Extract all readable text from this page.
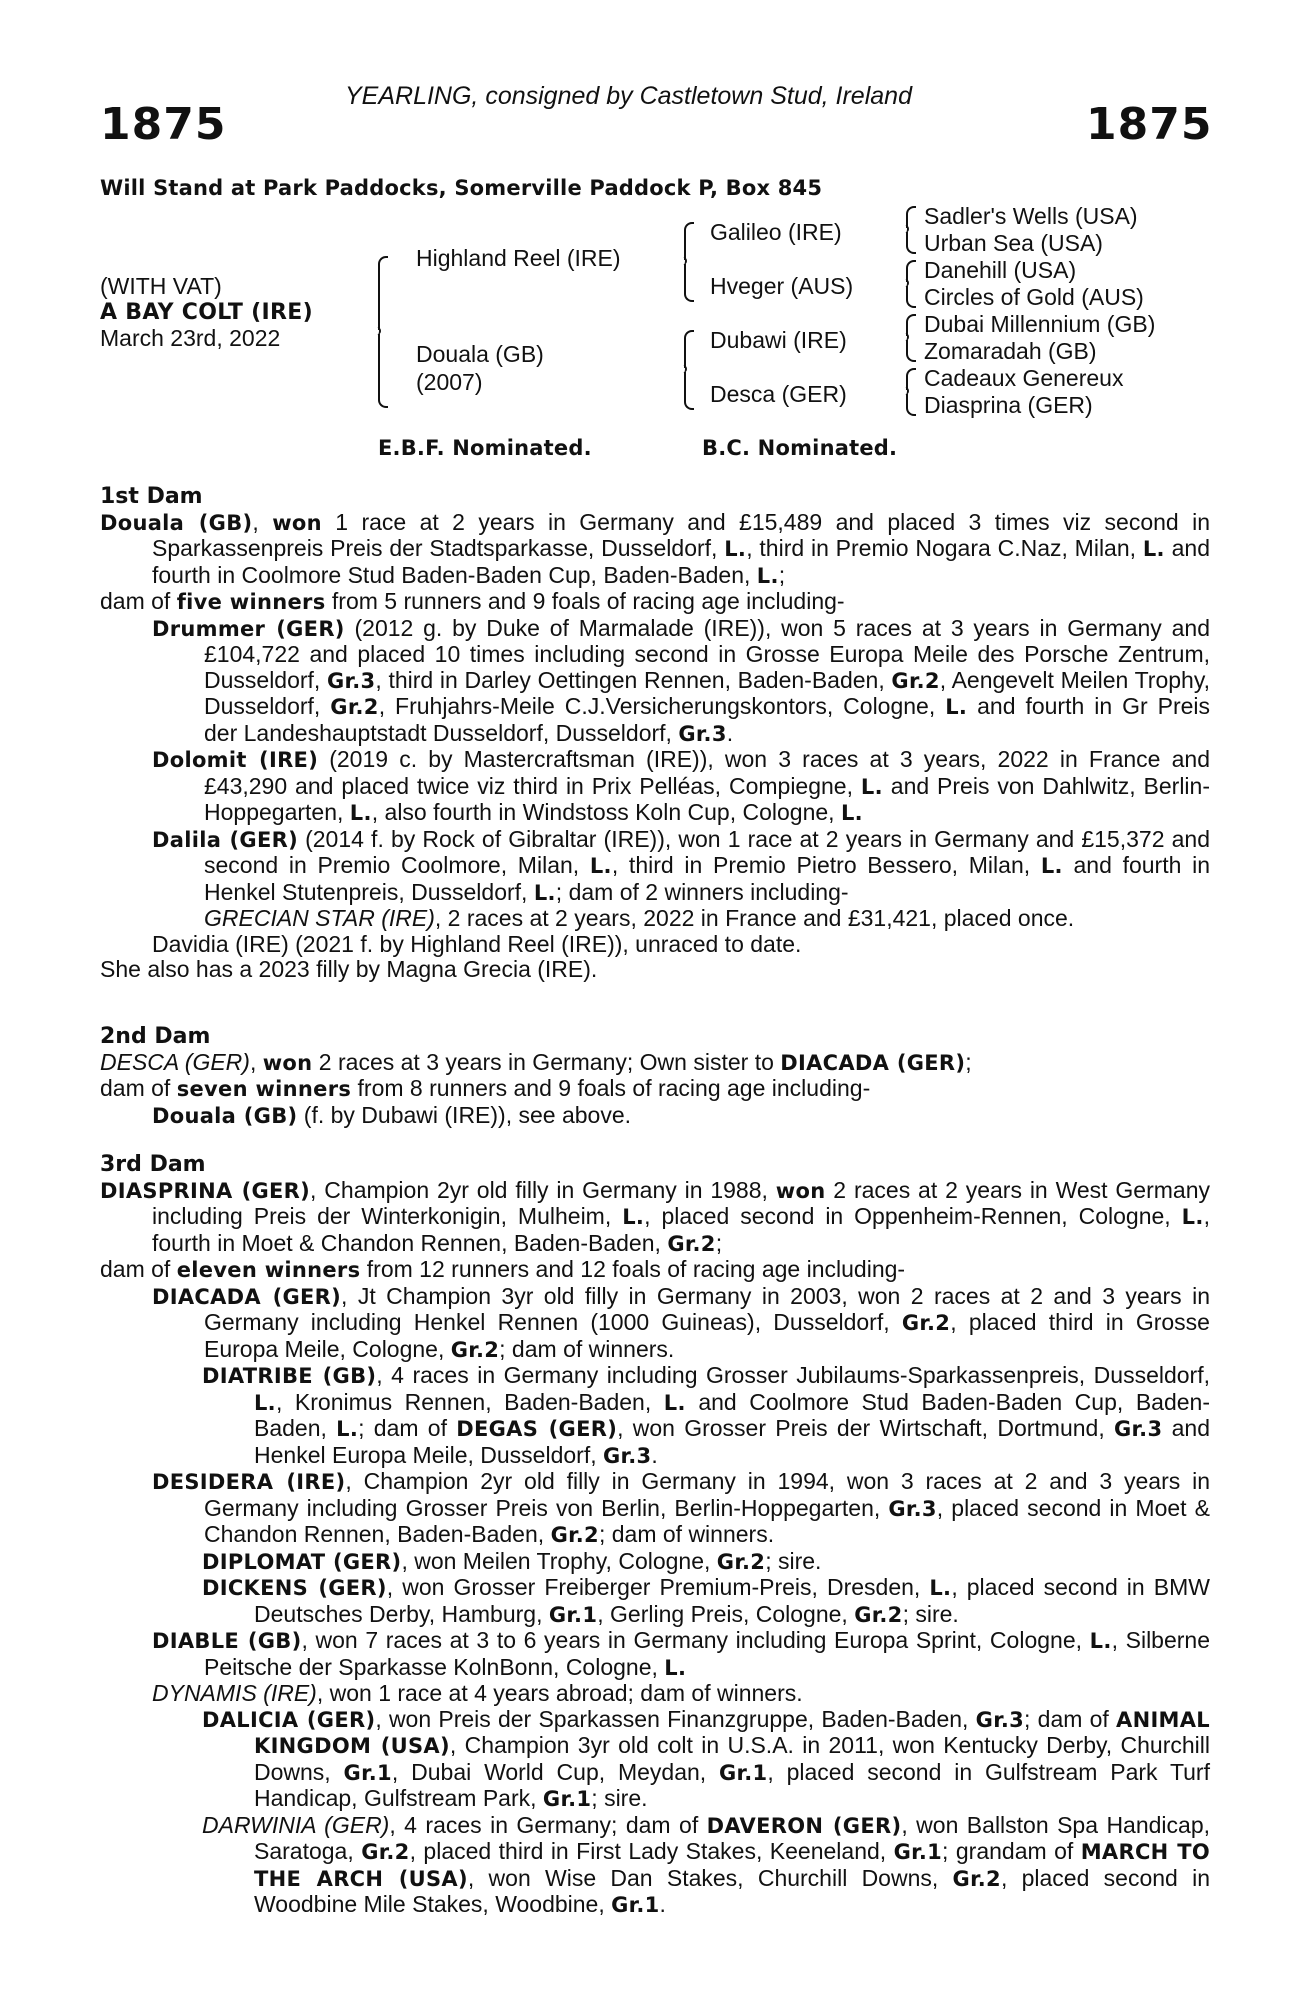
YEARLING, consigned by Castletown Stud, Ireland
1875	1875
Will Stand at Park Paddocks, Somerville Paddock P, Box 845
(WITH VAT)
A BAY COLT (IRE)
March 23rd, 2022
Highland Reel (IRE)
Douala (GB)
(2007)
Galileo (IRE)
Hveger (AUS)
Dubawi (IRE)
Desca (GER)
Sadler's Wells (USA)
Urban Sea (USA)
Danehill (USA)
Circles of Gold (AUS)
Dubai Millennium (GB)
Zomaradah (GB)
Cadeaux Genereux
Diasprina (GER)
E.B.F. Nominated.	B.C. Nominated.
1st Dam
Douala (GB), won 1 race at 2 years in Germany and £15,489 and placed 3 times viz second in Sparkassenpreis Preis der Stadtsparkasse, Dusseldorf, L., third in Premio Nogara C.Naz, Milan, L. and fourth in Coolmore Stud Baden-Baden Cup, Baden-Baden, L.;
dam of five winners from 5 runners and 9 foals of racing age including-
Drummer (GER) (2012 g. by Duke of Marmalade (IRE)), won 5 races at 3 years in Germany and £104,722 and placed 10 times including second in Grosse Europa Meile des Porsche Zentrum, Dusseldorf, Gr.3, third in Darley Oettingen Rennen, Baden-Baden, Gr.2, Aengevelt Meilen Trophy, Dusseldorf, Gr.2, Fruhjahrs-Meile C.J.Versicherungskontors, Cologne, L. and fourth in Gr Preis der Landeshauptstadt Dusseldorf, Dusseldorf, Gr.3.
Dolomit (IRE) (2019 c. by Mastercraftsman (IRE)), won 3 races at 3 years, 2022 in France and £43,290 and placed twice viz third in Prix Pelléas, Compiegne, L. and Preis von Dahlwitz, Berlin-Hoppegarten, L., also fourth in Windstoss Koln Cup, Cologne, L.
Dalila (GER) (2014 f. by Rock of Gibraltar (IRE)), won 1 race at 2 years in Germany and £15,372 and second in Premio Coolmore, Milan, L., third in Premio Pietro Bessero, Milan, L. and fourth in Henkel Stutenpreis, Dusseldorf, L.; dam of 2 winners including-
GRECIAN STAR (IRE), 2 races at 2 years, 2022 in France and £31,421, placed once.
Davidia (IRE) (2021 f. by Highland Reel (IRE)), unraced to date.
She also has a 2023 filly by Magna Grecia (IRE).
2nd Dam
DESCA (GER), won 2 races at 3 years in Germany; Own sister to DIACADA (GER);
dam of seven winners from 8 runners and 9 foals of racing age including-
Douala (GB) (f. by Dubawi (IRE)), see above.
3rd Dam
DIASPRINA (GER), Champion 2yr old filly in Germany in 1988, won 2 races at 2 years in West Germany including Preis der Winterkonigin, Mulheim, L., placed second in Oppenheim-Rennen, Cologne, L., fourth in Moet & Chandon Rennen, Baden-Baden, Gr.2;
dam of eleven winners from 12 runners and 12 foals of racing age including-
DIACADA (GER), Jt Champion 3yr old filly in Germany in 2003, won 2 races at 2 and 3 years in Germany including Henkel Rennen (1000 Guineas), Dusseldorf, Gr.2, placed third in Grosse Europa Meile, Cologne, Gr.2; dam of winners.
DIATRIBE (GB), 4 races in Germany including Grosser Jubilaums-Sparkassenpreis, Dusseldorf, L., Kronimus Rennen, Baden-Baden, L. and Coolmore Stud Baden-Baden Cup, Baden-Baden, L.; dam of DEGAS (GER), won Grosser Preis der Wirtschaft, Dortmund, Gr.3 and Henkel Europa Meile, Dusseldorf, Gr.3.
DESIDERA (IRE), Champion 2yr old filly in Germany in 1994, won 3 races at 2 and 3 years in Germany including Grosser Preis von Berlin, Berlin-Hoppegarten, Gr.3, placed second in Moet & Chandon Rennen, Baden-Baden, Gr.2; dam of winners.
DIPLOMAT (GER), won Meilen Trophy, Cologne, Gr.2; sire.
DICKENS (GER), won Grosser Freiberger Premium-Preis, Dresden, L., placed second in BMW Deutsches Derby, Hamburg, Gr.1, Gerling Preis, Cologne, Gr.2; sire.
DIABLE (GB), won 7 races at 3 to 6 years in Germany including Europa Sprint, Cologne, L., Silberne Peitsche der Sparkasse KolnBonn, Cologne, L.
DYNAMIS (IRE), won 1 race at 4 years abroad; dam of winners.
DALICIA (GER), won Preis der Sparkassen Finanzgruppe, Baden-Baden, Gr.3; dam of ANIMAL KINGDOM (USA), Champion 3yr old colt in U.S.A. in 2011, won Kentucky Derby, Churchill Downs, Gr.1, Dubai World Cup, Meydan, Gr.1, placed second in Gulfstream Park Turf Handicap, Gulfstream Park, Gr.1; sire.
DARWINIA (GER), 4 races in Germany; dam of DAVERON (GER), won Ballston Spa Handicap, Saratoga, Gr.2, placed third in First Lady Stakes, Keeneland, Gr.1; grandam of MARCH TO THE ARCH (USA), won Wise Dan Stakes, Churchill Downs, Gr.2, placed second in Woodbine Mile Stakes, Woodbine, Gr.1.
